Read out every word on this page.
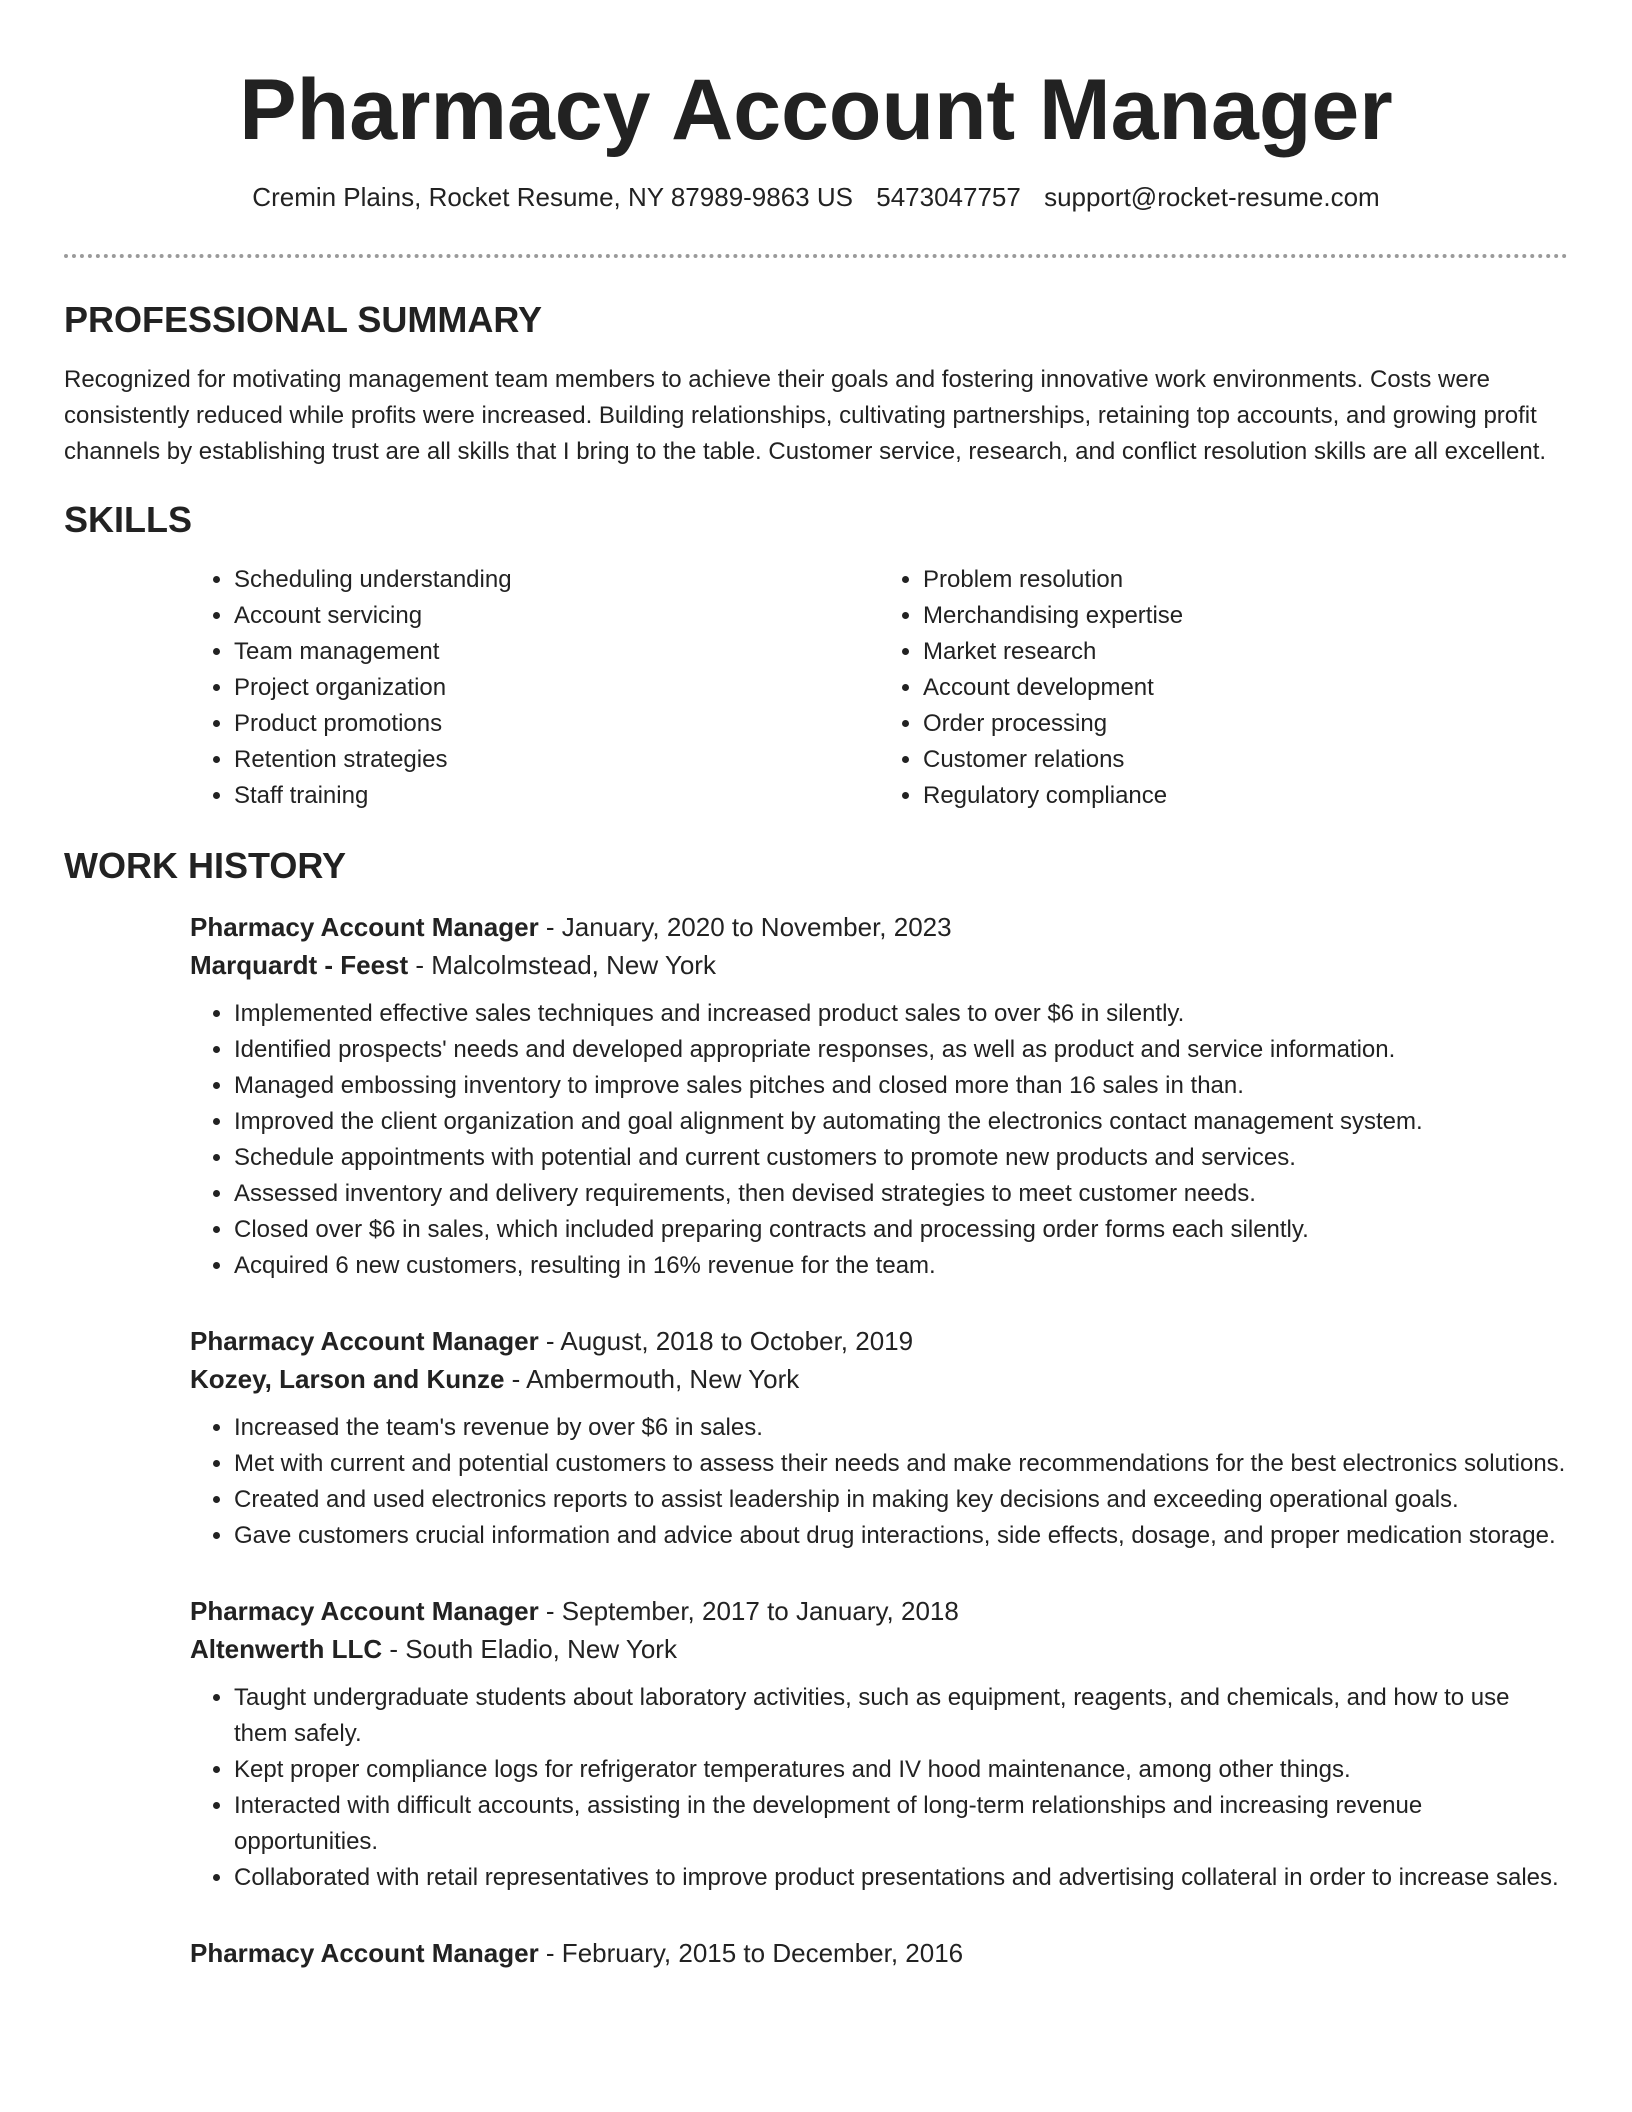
Pharmacy Account Manager
Cremin Plains, Rocket Resume, NY 87989-9863 US 5473047757 support@rocket-resume.com
PROFESSIONAL SUMMARY

Recognized for motivating management team members to achieve their goals and fostering innovative work environments. Costs were consistently reduced while profits were increased. Building relationships, cultivating partnerships, retaining top accounts, and growing profit channels by establishing trust are all skills that I bring to the table. Customer service, research, and conflict resolution skills are all excellent.

SKILLS
• Scheduling understanding
• Account servicing
• Team management
• Project organization
• Product promotions
• Retention strategies
• Staff training
• Problem resolution
• Merchandising expertise
• Market research
• Account development
• Order processing
• Customer relations
• Regulatory compliance
WORK HISTORY

Pharmacy Account Manager - January, 2020 to November, 2023

Marquardt - Feest - Malcolmstead, New York

• Implemented effective sales techniques and increased product sales to over $6 in silently.
• Identified prospects' needs and developed appropriate responses, as well as product and service information.
• Managed embossing inventory to improve sales pitches and closed more than 16 sales in than.
• Improved the client organization and goal alignment by automating the electronics contact management system.
• Schedule appointments with potential and current customers to promote new products and services.
• Assessed inventory and delivery requirements, then devised strategies to meet customer needs.
• Closed over $6 in sales, which included preparing contracts and processing order forms each silently.
• Acquired 6 new customers, resulting in 16% revenue for the team.

Pharmacy Account Manager - August, 2018 to October, 2019

Kozey, Larson and Kunze - Ambermouth, New York

• Increased the team's revenue by over $6 in sales.
• Met with current and potential customers to assess their needs and make recommendations for the best electronics solutions.
• Created and used electronics reports to assist leadership in making key decisions and exceeding operational goals.
• Gave customers crucial information and advice about drug interactions, side effects, dosage, and proper medication storage.

Pharmacy Account Manager - September, 2017 to January, 2018

Altenwerth LLC - South Eladio, New York

• Taught undergraduate students about laboratory activities, such as equipment, reagents, and chemicals, and how to use them safely.
• Kept proper compliance logs for refrigerator temperatures and IV hood maintenance, among other things.
• Interacted with difficult accounts, assisting in the development of long-term relationships and increasing revenue opportunities.
• Collaborated with retail representatives to improve product presentations and advertising collateral in order to increase sales.

Pharmacy Account Manager - February, 2015 to December, 2016
